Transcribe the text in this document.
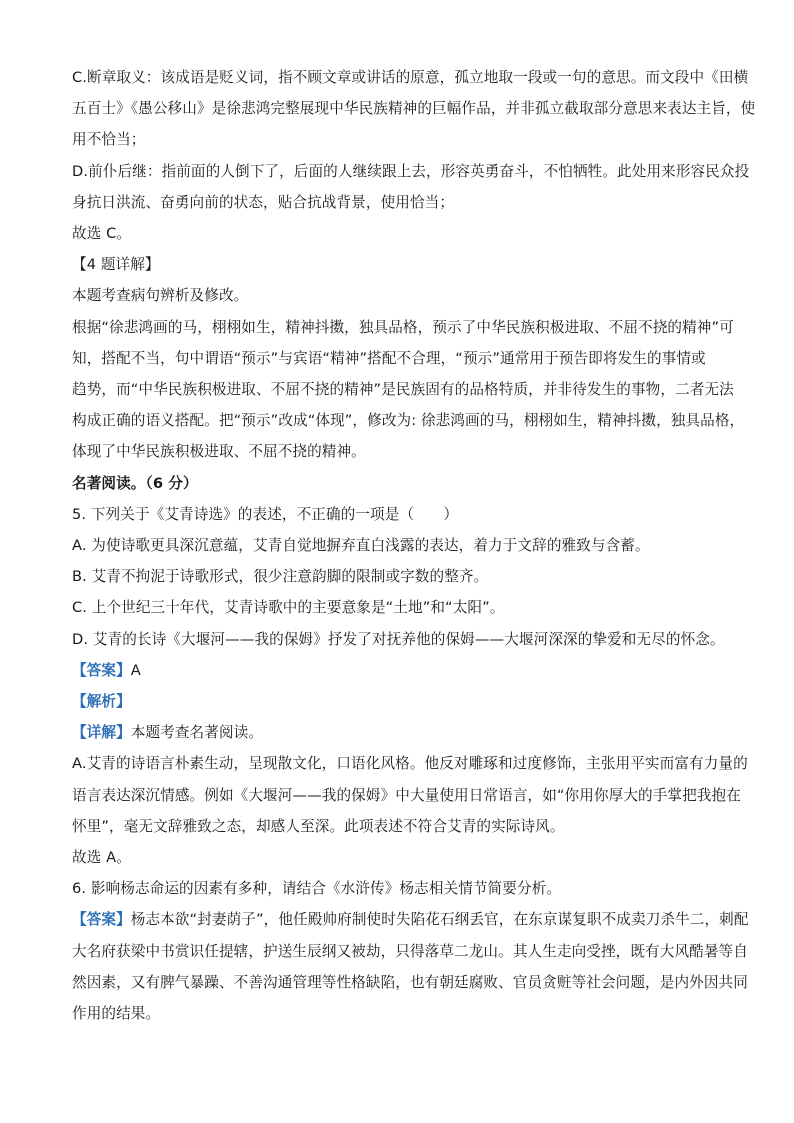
C.断章取义：该成语是贬义词，指不顾文章或讲话的原意，孤立地取一段或一句的意思。而文段中《田横
五百士》《愚公移山》是徐悲鸿完整展现中华民族精神的巨幅作品，并非孤立截取部分意思来表达主旨，使
用不恰当；
D.前仆后继：指前面的人倒下了，后面的人继续跟上去，形容英勇奋斗，不怕牺牲。此处用来形容民众投
身抗日洪流、奋勇向前的状态，贴合抗战背景，使用恰当；
故选 C。
【4 题详解】
本题考查病句辨析及修改。
根据“徐悲鸿画的马，栩栩如生，精神抖擞，独具品格，预示了中华民族积极进取、不屈不挠的精神”可
知，搭配不当，句中谓语“预示”与宾语“精神”搭配不合理，“预示”通常用于预告即将发生的事情或
趋势，而“中华民族积极进取、不屈不挠的精神”是民族固有的品格特质，并非待发生的事物，二者无法
构成正确的语义搭配。把“预示”改成“体现”，修改为: 徐悲鸿画的马，栩栩如生，精神抖擞，独具品格，
体现了中华民族积极进取、不屈不挠的精神。
名著阅读。（6 分）
5. 下列关于《艾青诗选》的表述，不正确的一项是（　　）
A. 为使诗歌更具深沉意蕴，艾青自觉地摒弃直白浅露的表达，着力于文辞的雅致与含蓄。
B. 艾青不拘泥于诗歌形式，很少注意韵脚的限制或字数的整齐。
C. 上个世纪三十年代，艾青诗歌中的主要意象是“土地”和“太阳”。
D. 艾青的长诗《大堰河——我的保姆》抒发了对抚养他的保姆——大堰河深深的挚爱和无尽的怀念。
【答案】A
【解析】
【详解】本题考查名著阅读。
A.艾青的诗语言朴素生动，呈现散文化，口语化风格。他反对雕琢和过度修饰，主张用平实而富有力量的
语言表达深沉情感。例如《大堰河——我的保姆》中大量使用日常语言，如“你用你厚大的手掌把我抱在
怀里”，毫无文辞雅致之态，却感人至深。此项表述不符合艾青的实际诗风。
故选 A。
6. 影响杨志命运的因素有多种，请结合《水浒传》杨志相关情节简要分析。
【答案】杨志本欲“封妻荫子”，他任殿帅府制使时失陷花石纲丢官，在东京谋复职不成卖刀杀牛二，刺配
大名府获梁中书赏识任提辖，护送生辰纲又被劫，只得落草二龙山。其人生走向受挫，既有大风酷暑等自
然因素，又有脾气暴躁、不善沟通管理等性格缺陷，也有朝廷腐败、官员贪赃等社会问题，是内外因共同
作用的结果。
